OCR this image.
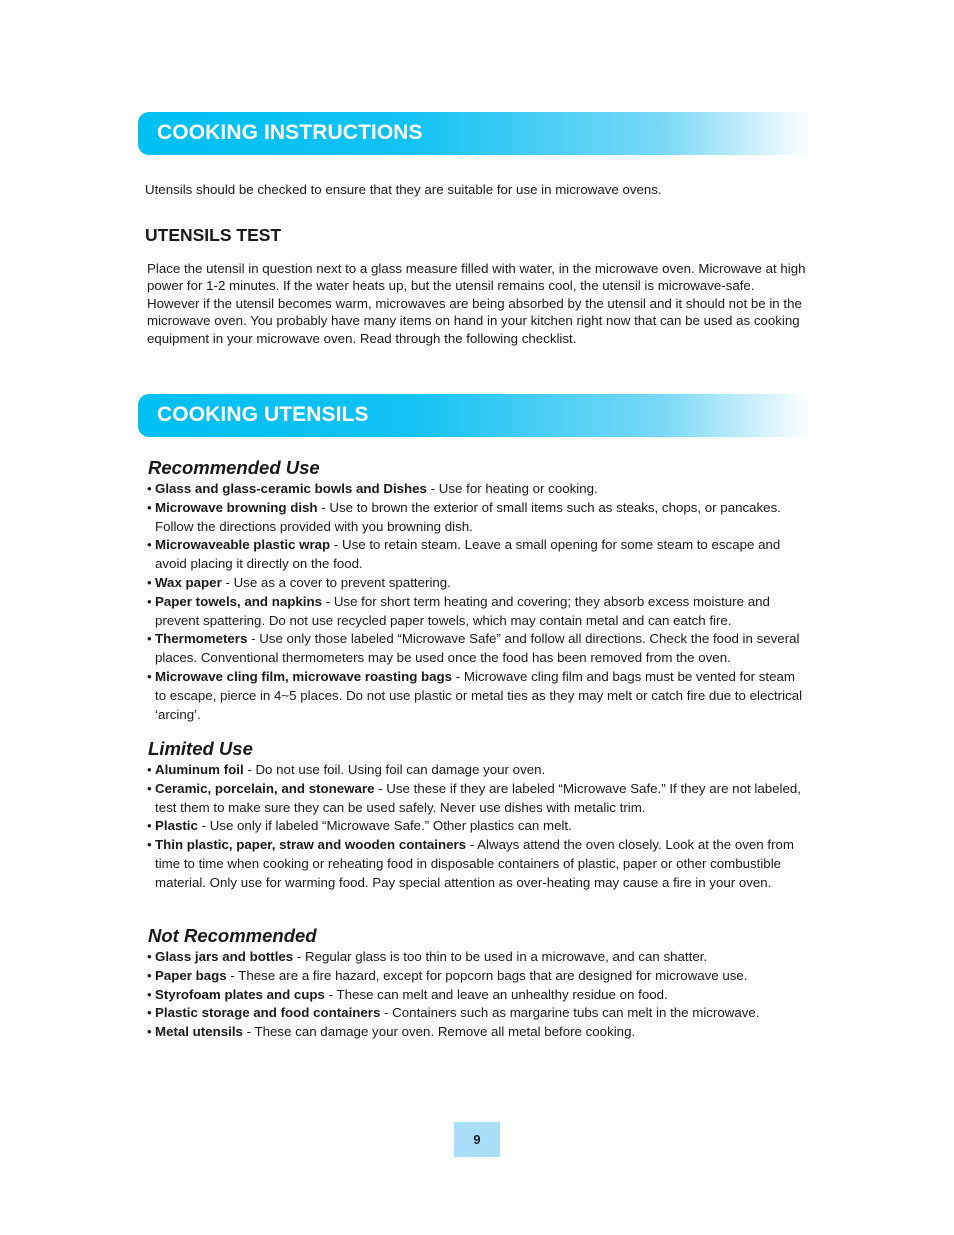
COOKING INSTRUCTIONS
Utensils should be checked to ensure that they are suitable for use in microwave ovens.
UTENSILS TEST
Place the utensil in question next to a glass measure filled with water, in the microwave oven. Microwave at high power for 1-2 minutes. If the water heats up, but the utensil remains cool, the utensil is microwave-safe. However if the utensil becomes warm, microwaves are being absorbed by the utensil and it should not be in the microwave oven. You probably have many items on hand in your kitchen right now that can be used as cooking equipment in your microwave oven. Read through the following checklist.
COOKING UTENSILS
Recommended Use
• Glass and glass-ceramic bowls and Dishes - Use for heating or cooking.
• Microwave browning dish - Use to brown the exterior of small items such as steaks, chops, or pancakes. Follow the directions provided with you browning dish.
• Microwaveable plastic wrap - Use to retain steam. Leave a small opening for some steam to escape and avoid placing it directly on the food.
• Wax paper - Use as a cover to prevent spattering.
• Paper towels, and napkins - Use for short term heating and covering; they absorb excess moisture and prevent spattering. Do not use recycled paper towels, which may contain metal and can eatch fire.
• Thermometers - Use only those labeled “Microwave Safe” and follow all directions. Check the food in several places. Conventional thermometers may be used once the food has been removed from the oven.
• Microwave cling film, microwave roasting bags - Microwave cling film and bags must be vented for steam to escape, pierce in 4~5 places. Do not use plastic or metal ties as they may melt or catch fire due to electrical ‘arcing’.
Limited Use
• Aluminum foil - Do not use foil. Using foil can damage your oven.
• Ceramic, porcelain, and stoneware - Use these if they are labeled “Microwave Safe.” If they are not labeled, test them to make sure they can be used safely. Never use dishes with metalic trim.
• Plastic - Use only if labeled “Microwave Safe.” Other plastics can melt.
• Thin plastic, paper, straw and wooden containers - Always attend the oven closely. Look at the oven from time to time when cooking or reheating food in disposable containers of plastic, paper or other combustible material. Only use for warming food. Pay special attention as over-heating may cause a fire in your oven.
Not Recommended
• Glass jars and bottles - Regular glass is too thin to be used in a microwave, and can shatter.
• Paper bags - These are a fire hazard, except for popcorn bags that are designed for microwave use.
• Styrofoam plates and cups - These can melt and leave an unhealthy residue on food.
• Plastic storage and food containers - Containers such as margarine tubs can melt in the microwave.
• Metal utensils - These can damage your oven. Remove all metal before cooking.
9
